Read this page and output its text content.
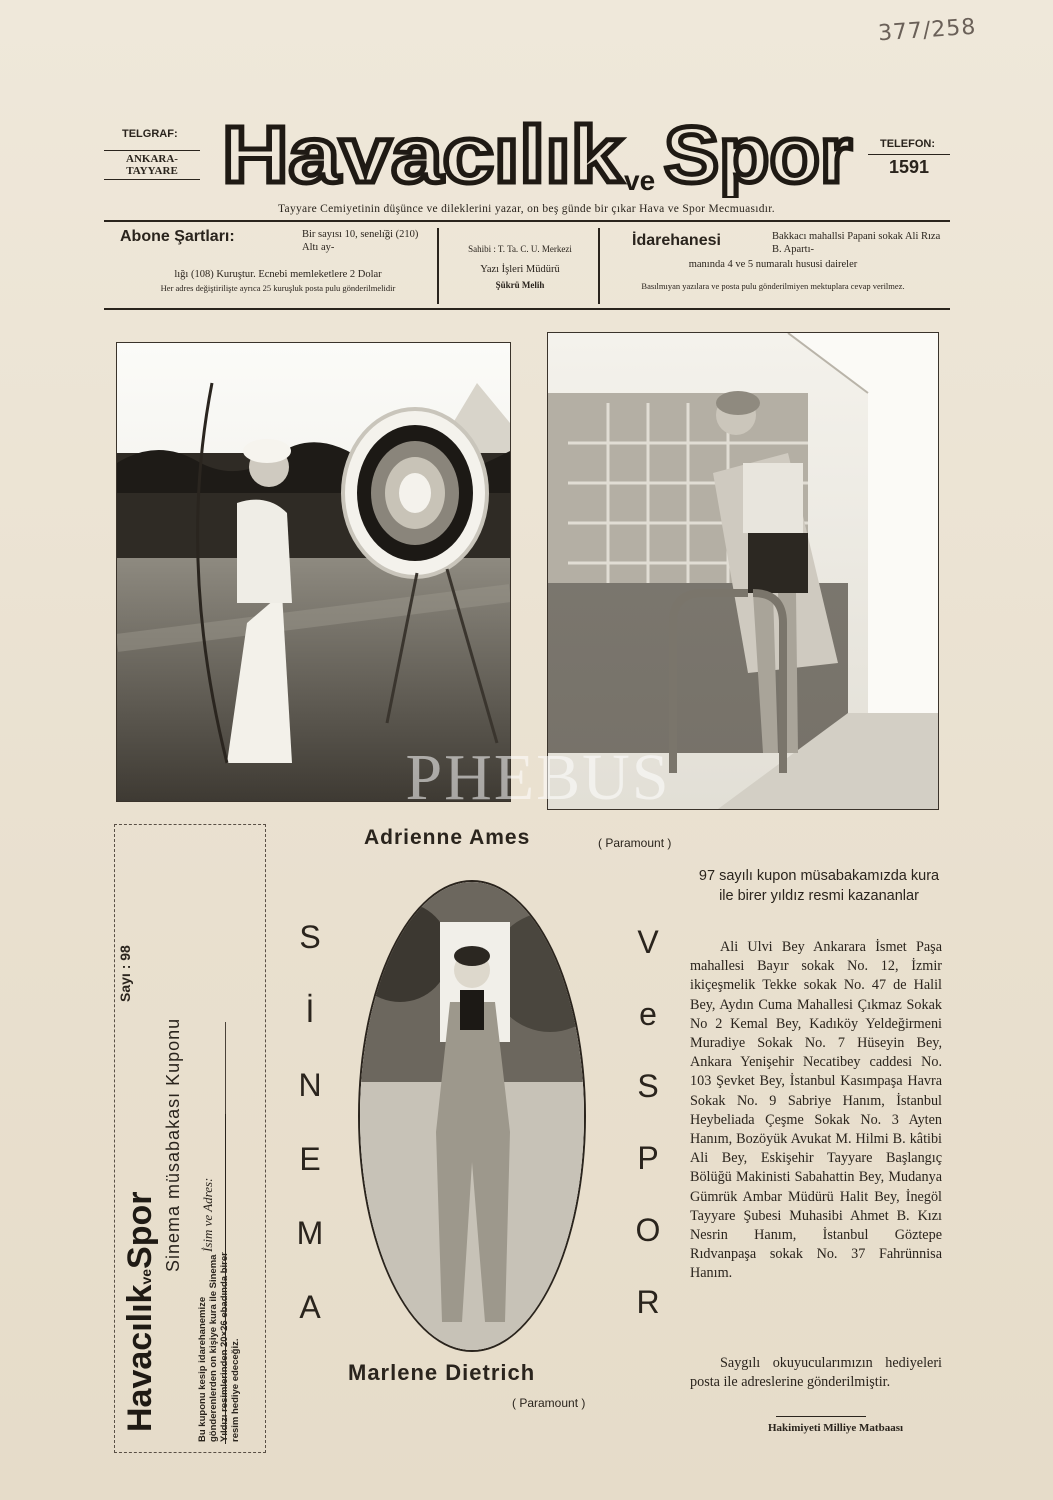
377/258
TELGRAF:
ANKARA-TAYYARE
TELEFON:
1591
Havacılık ve Spor
Tayyare Cemiyetinin düşünce ve dileklerini yazar, on beş günde bir çıkar Hava ve Spor Mecmuasıdır.
Abone Şartları:	Bir sayısı 10, senelı̇ği (210) Altı ay-
lığı (108) Kuruştur. Ecnebi memleketlere 2 Dolar
Her adres değiştirilişte ayrıca 25 kuruşluk posta pulu gönderilmelidir
Sahibi : T. Ta. C. U. Merkezi
Yazı İşleri Müdürü
Şükrü Melih
İdarehanesi	Bakkacı mahallsi Papani sokak Ali Rıza B. Apartı-
manında 4 ve 5 numaralı hususi daireler
Basılmıyan yazılara ve posta pulu gönderilmiyen mektuplara cevap verilmez.
PHEBUS
Adrienne Ames	( Paramount )
HavacılıkveSpor
Sayı : 98
Sinema müsabakası Kuponu İsim ve Adres:
Bu kuponu kesip idarehanemize gönderenlerden on kişiye kura ile Sinema Yıldızı resimlerinden 20×26 ebadında birer resim hediye edeceğiz.
S
İ
N
E
M
A
V
e
S
P
O
R
Marlene Dietrich
( Paramount )
97 sayılı kupon müsabakamızda kura ile birer yıldız resmi kazananlar
Ali Ulvi Bey Ankarara İsmet Paşa mahallesi Bayır sokak No. 12, İzmir ikiçeşmelik Tekke sokak No. 47 de Halil Bey, Aydın Cuma Mahallesi Çıkmaz Sokak No 2 Kemal Bey, Kadıköy Yeldeğirmeni Muradiye Sokak No. 7 Hüseyin Bey, Ankara Yenişehir Necatibey caddesi No. 103 Şevket Bey, İstanbul Kasımpaşa Havra Sokak No. 9 Sabriye Hanım, İstanbul Heybeliada Çeşme Sokak No. 3 Ayten Hanım, Bozöyük Avukat M. Hilmi B. kâtibi Ali Bey, Eskişehir Tayyare Başlangıç Bölüğü Makinisti Sabahattin Bey, Mudanya Gümrük Ambar Müdürü Halit Bey, İnegöl Tayyare Şubesi Muhasibi Ahmet B. Kızı Nesrin Hanım, İstanbul Göztepe Rıdvanpaşa sokak No. 37 Fahrünnisa Hanım.
Saygılı okuyucularımızın hediyeleri posta ile adreslerine gönderilmiştir.
Hakimiyeti Milliye Matbaası
